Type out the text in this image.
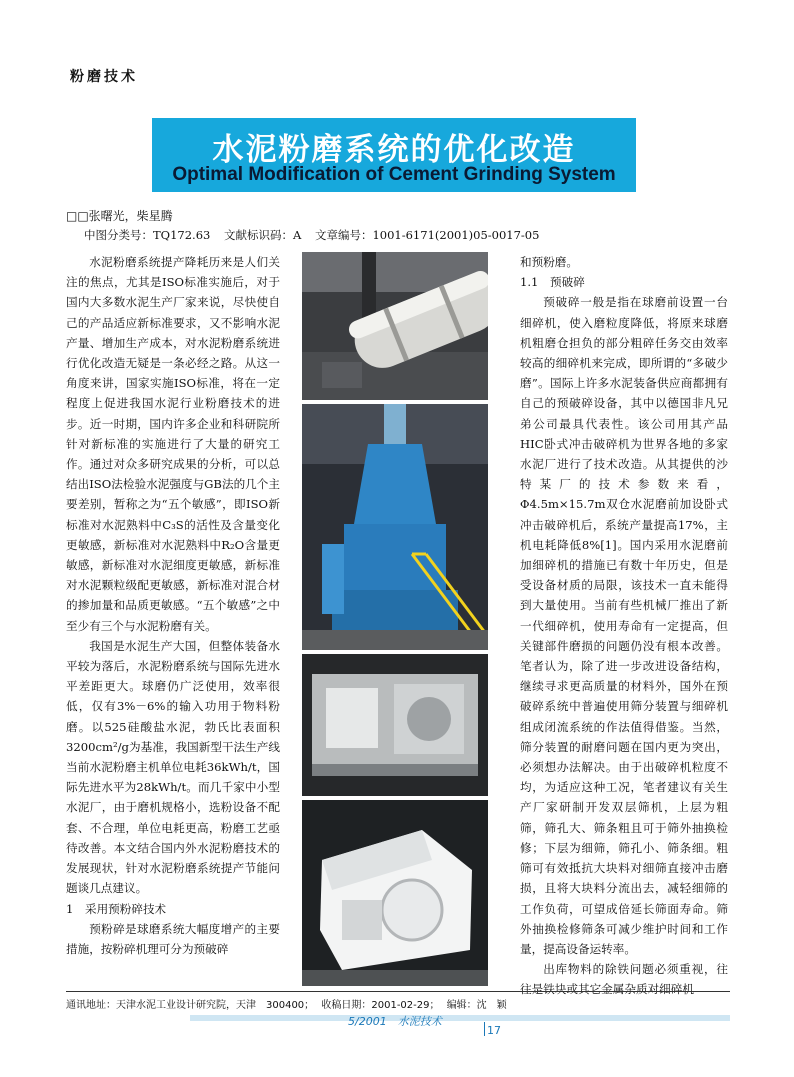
粉磨技术
水泥粉磨系统的优化改造
Optimal Modification of Cement Grinding System
□□张曙光，柴星腾
中图分类号：TQ172.63 文献标识码：A 文章编号：1001-6171(2001)05-0017-05

水泥粉磨系统提产降耗历来是人们关注的焦点，尤其是ISO标准实施后，对于国内大多数水泥生产厂家来说，尽快使自己的产品适应新标准要求，又不影响水泥产量、增加生产成本，对水泥粉磨系统进行优化改造无疑是一条必经之路。从这一角度来讲，国家实施ISO标准，将在一定程度上促进我国水泥行业粉磨技术的进步。近一时期，国内许多企业和科研院所针对新标准的实施进行了大量的研究工作。通过对众多研究成果的分析，可以总结出ISO法检验水泥强度与GB法的几个主要差别，暂称之为“五个敏感”，即ISO新标准对水泥熟料中C₃S的活性及含量变化更敏感，新标准对水泥熟料中R₂O含量更敏感，新标准对水泥细度更敏感，新标准对水泥颗粒级配更敏感，新标准对混合材的掺加量和品质更敏感。“五个敏感”之中至少有三个与水泥粉磨有关。

我国是水泥生产大国，但整体装备水平较为落后，水泥粉磨系统与国际先进水平差距更大。球磨仍广泛使用，效率很低，仅有3%－6%的输入功用于物料粉磨。以525硅酸盐水泥，勃氏比表面积3200cm²/g为基准，我国新型干法生产线当前水泥粉磨主机单位电耗36kWh/t，国际先进水平为28kWh/t。而几千家中小型水泥厂，由于磨机规格小，选粉设备不配套、不合理，单位电耗更高，粉磨工艺亟待改善。本文结合国内外水泥粉磨技术的发展现状，针对水泥粉磨系统提产节能问题谈几点建议。

1　采用预粉碎技术

预粉碎是球磨系统大幅度增产的主要措施，按粉碎机理可分为预破碎

和预粉磨。

1.1　预破碎

预破碎一般是指在球磨前设置一台细碎机，使入磨粒度降低，将原来球磨机粗磨仓担负的部分粗碎任务交由效率较高的细碎机来完成，即所谓的“多破少磨”。国际上许多水泥装备供应商都拥有自己的预破碎设备，其中以德国非凡兄弟公司最具代表性。该公司用其产品HIC卧式冲击破碎机为世界各地的多家水泥厂进行了技术改造。从其提供的沙特某厂的技术参数来看，Φ4.5m×15.7m双仓水泥磨前加设卧式冲击破碎机后，系统产量提高17%，主机电耗降低8%[1]。国内采用水泥磨前加细碎机的措施已有数十年历史，但是受设备材质的局限，该技术一直未能得到大量使用。当前有些机械厂推出了新一代细碎机，使用寿命有一定提高，但关键部件磨损的问题仍没有根本改善。笔者认为，除了进一步改进设备结构，继续寻求更高质量的材料外，国外在预破碎系统中普遍使用筛分装置与细碎机组成闭流系统的作法值得借鉴。当然，筛分装置的耐磨问题在国内更为突出，必须想办法解决。由于出破碎机粒度不均，为适应这种工况，笔者建议有关生产厂家研制开发双层筛机，上层为粗筛，筛孔大、筛条粗且可于筛外抽换检修；下层为细筛，筛孔小、筛条细。粗筛可有效抵抗大块料对细筛直接冲击磨损，且将大块料分流出去，减轻细筛的工作负荷，可望成倍延长筛面寿命。筛外抽换检修筛条可减少维护时间和工作量，提高设备运转率。

出库物料的除铁问题必须重视，往往是铁块或其它金属杂质对细碎机

通讯地址：天津水泥工业设计研究院，天津　300400； 收稿日期：2001-02-29； 编辑：沈　颖
5/2001　水泥技术
17
